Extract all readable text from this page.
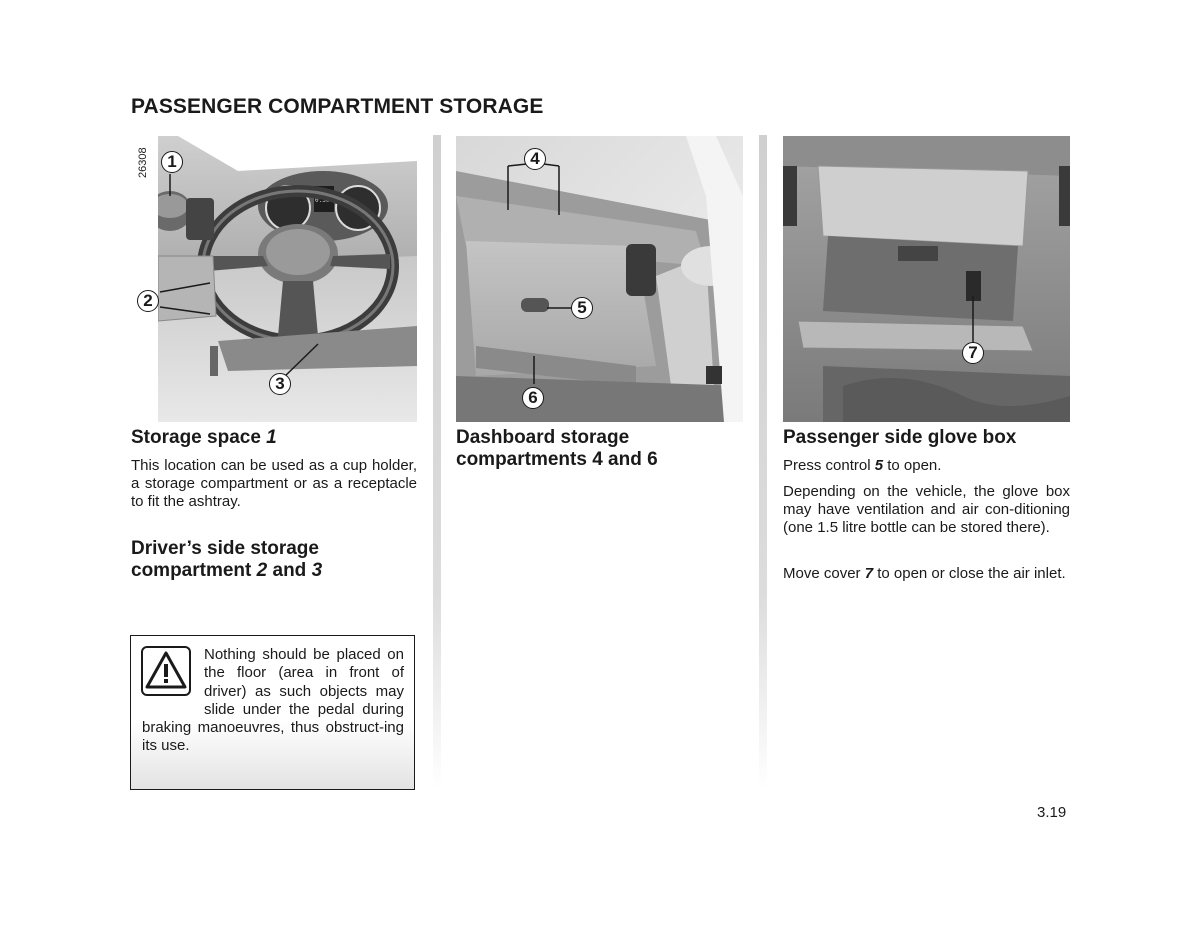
PASSENGER COMPARTMENT STORAGE
26308
0.30
1
2
3
4
5
6
7
Storage space 1

This location can be used as a cup holder, a storage compartment or as a receptacle to fit the ashtray.

Driver’s side storage
compartment 2 and 3
Nothing should be placed on the floor (area in front of driver) as such objects may slide under the pedal during braking manoeuvres, thus obstruct-ing its use.
Dashboard storage
compartments 4 and 6
Passenger side glove box

Press control 5 to open.

Depending on the vehicle, the glove box may have ventilation and air con-ditioning (one 1.5 litre bottle can be stored there).

Move cover 7 to open or close the air inlet.

3.19
